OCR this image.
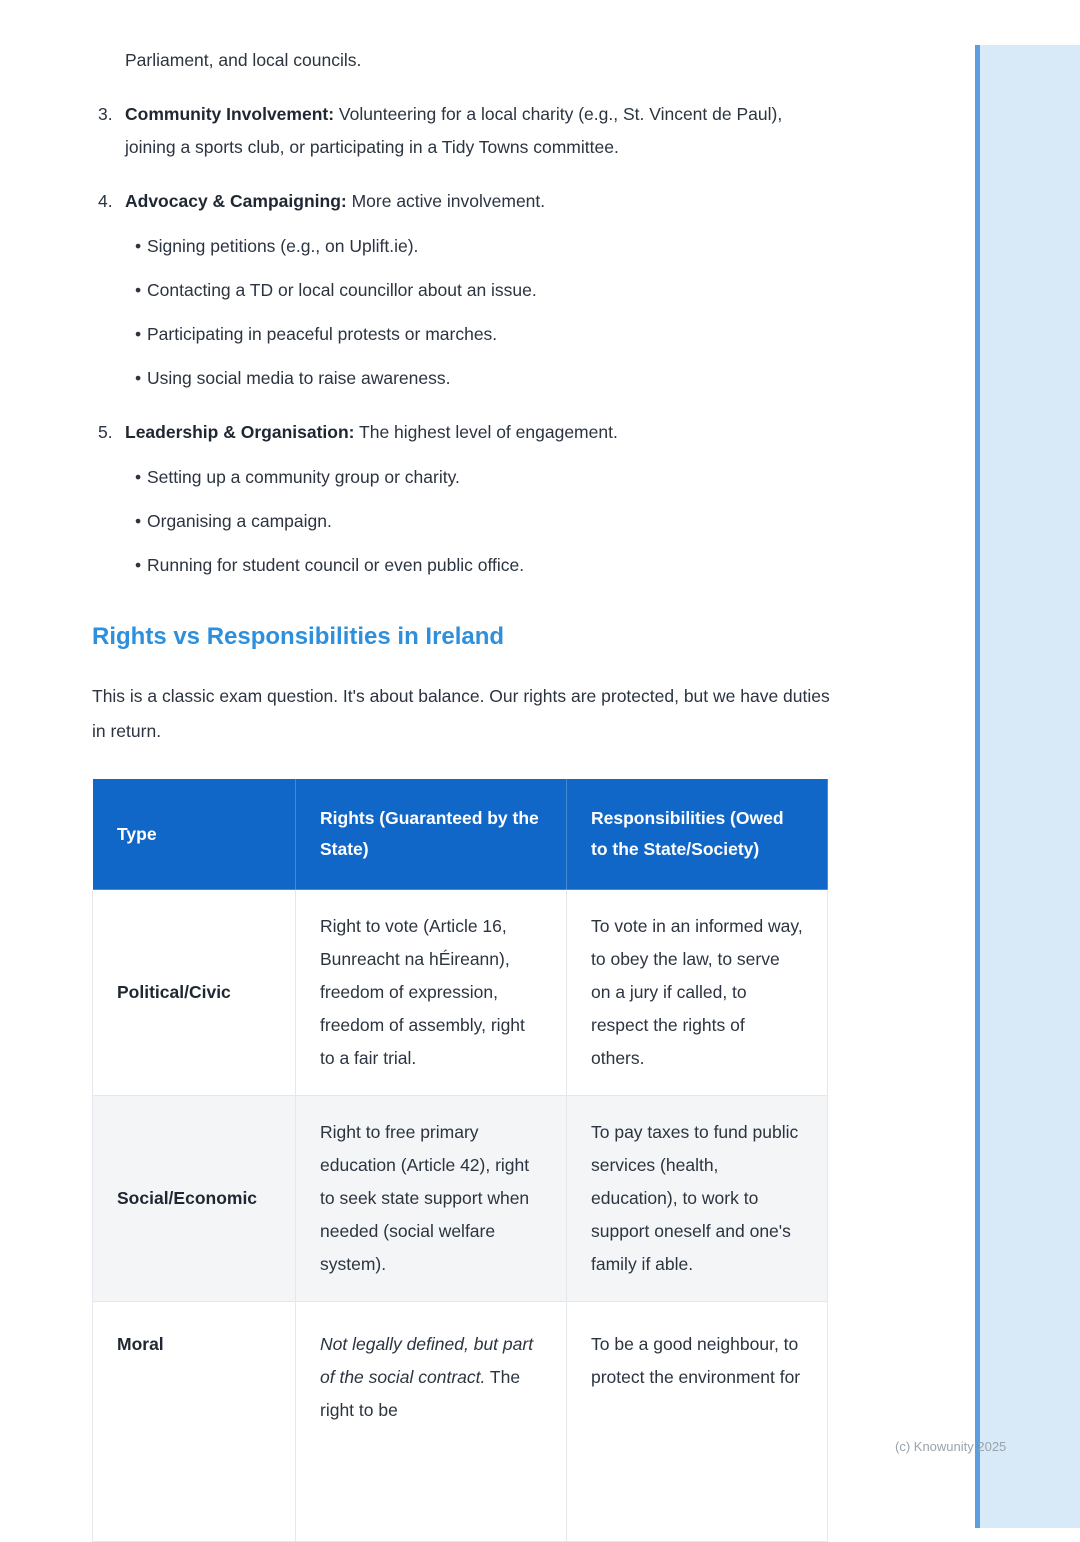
Parliament, and local councils.

3. Community Involvement: Volunteering for a local charity (e.g., St. Vincent de Paul), joining a sports club, or participating in a Tidy Towns committee.

4. Advocacy & Campaigning: More active involvement.

•
Signing petitions (e.g., on Uplift.ie).
•
Contacting a TD or local councillor about an issue.
•
Participating in peaceful protests or marches.
•
Using social media to raise awareness.
5. Leadership & Organisation: The highest level of engagement.

•
Setting up a community group or charity.
•
Organising a campaign.
•
Running for student council or even public office.
Rights vs Responsibilities in Ireland

This is a classic exam question. It's about balance. Our rights are protected, but we have duties in return.

Type	Rights (Guaranteed by the State)	Responsibilities (Owed to the State/Society)
Political/Civic	Right to vote (Article 16, Bunreacht na hÉireann), freedom of expression, freedom of assembly, right to a fair trial.	To vote in an informed way, to obey the law, to serve on a jury if called, to respect the rights of others.
Social/Economic	Right to free primary education (Article 42), right to seek state support when needed (social welfare system).	To pay taxes to fund public services (health, education), to work to support oneself and one's family if able.
Moral	Not legally defined, but part of the social contract. The right to be	To be a good neighbour, to protect the environment for
(c) Knowunity 2025
